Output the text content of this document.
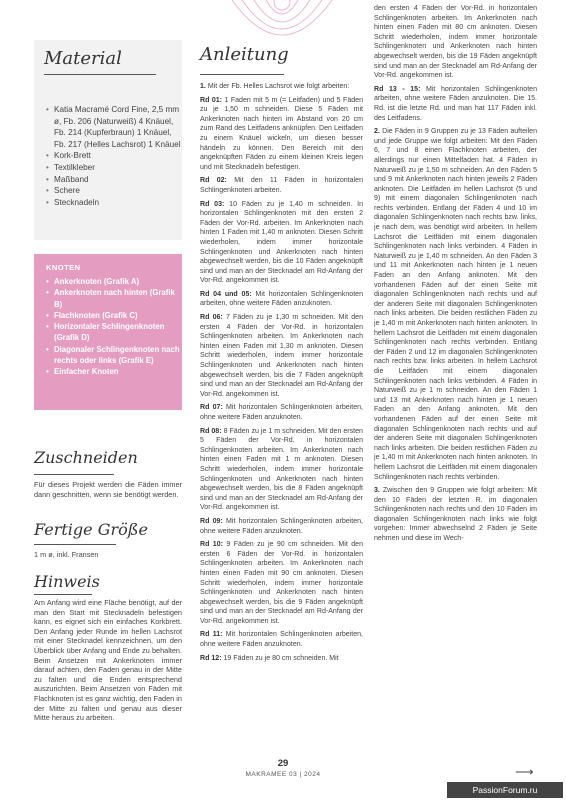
Material
• Katia Macramé Cord Fine, 2,5 mm ø, Fb. 206 (Naturweiß) 4 Knäuel, Fb. 214 (Kupferbraun) 1 Knäuel, Fb. 217 (Helles Lachsrot) 1 Knäuel
• Kork-Brett
• Textilkleber
• Maßband
• Schere
• Stecknadeln
KNOTEN
• Ankerknoten (Grafik A)
• Ankerknoten nach hinten (Grafik B)
• Flachknoten (Grafik C)
• Horizontaler Schlingenknoten (Grafik D)
• Diagonaler Schlingenknoten nach rechts oder links (Grafik E)
• Einfacher Knoten
Zuschneiden
Für dieses Projekt werden die Fäden immer dann geschnitten, wenn sie benötigt werden.
Fertige Größe
1 m ø, inkl. Fransen
Hinweis
Am Anfang wird eine Fläche benötigt, auf der man den Start mit Stecknadeln befestigen kann, es eignet sich ein einfaches Korkbrett. Den Anfang jeder Runde im hellen Lachsrot mit einer Stecknadel kennzeichnen, um den Überblick über Anfang und Ende zu behalten. Beim Ansetzen mit Ankerknoten immer darauf achten, den Faden genau in der Mitte zu falten und die Enden entsprechend auszurichten. Beim Ansetzen von Fäden mit Flachknoten ist es ganz wichtig, den Faden in der Mitte zu falten und genau aus dieser Mitte heraus zu arbeiten.
Anleitung

1. Mit der Fb. Helles Lachsrot wie folgt arbeiten:

Rd 01: 1 Faden mit 5 m (= Leitfaden) und 5 Fäden zu je 1,50 m schneiden. Diese 5 Fäden mit Ankerknoten nach hinten im Abstand von 20 cm zum Rand des Leitfadens anknüpfen. Den Leitfaden zu einem Knäuel wickeln, um diesen besser händeln zu können. Den Bereich mit den angeknüpften Fäden zu einem kleinen Kreis legen und mit Stecknadeln befestigen.

Rd 02: Mit den 11 Fäden in horizontalen Schlingenknoten arbeiten.

Rd 03: 10 Fäden zu je 1,40 m schneiden. In horizontalen Schlingenknoten mit den ersten 2 Fäden der Vor-Rd. arbeiten. Im Ankerknoten nach hinten 1 Faden mit 1,40 m anknoten. Diesen Schritt wiederholen, indem immer horizontale Schlingenknoten und Ankerknoten nach hinten abgewechselt werden, bis die 10 Fäden angeknüpft sind und man an der Stecknadel am Rd-Anfang der Vor-Rd. angekommen ist.

Rd 04 und 05: Mit horizontalen Schlingenknoten arbeiten, ohne weitere Fäden anzuknoten.

Rd 06: 7 Fäden zu je 1,30 m schneiden. Mit den ersten 4 Fäden der Vor-Rd. in horizontalen Schlingenknoten arbeiten. Im Ankerknoten nach hinten einen Faden mit 1,30 m anknoten. Diesen Schritt wiederholen, indem immer horizontale Schlingenknoten und Ankerknoten nach hinten abgewechselt werden, bis die 7 Fäden angeknüpft sind und man an der Stecknadel am Rd-Anfang der Vor-Rd. angekommen ist.

Rd 07: Mit horizontalen Schlingenknoten arbeiten, ohne weitere Fäden anzuknoten.

Rd 08: 8 Fäden zu je 1 m schneiden. Mit den ersten 5 Fäden der Vor-Rd. in horizontalen Schlingenknoten arbeiten. Im Ankerknoten nach hinten einen Faden mit 1 m anknoten. Diesen Schritt wiederholen, indem immer horizontale Schlingenknoten und Ankerknoten nach hinten abgewechselt werden, bis die 8 Fäden angeknüpft sind und man an der Stecknadel am Rd-Anfang der Vor-Rd. angekommen ist.

Rd 09: Mit horizontalen Schlingenknoten arbeiten, ohne weitere Fäden anzuknoten.

Rd 10: 9 Fäden zu je 90 cm schneiden. Mit den ersten 6 Fäden der Vor-Rd. in horizontalen Schlingenknoten arbeiten. Im Ankerknoten nach hinten einen Faden mit 90 cm anknoten. Diesen Schritt wiederholen, indem immer horizontale Schlingenknoten und Ankerknoten nach hinten abgewechselt werden, bis die 9 Fäden angeknüpft sind und man an der Stecknadel am Rd-Anfang der Vor-Rd. angekommen ist.

Rd 11: Mit horizontalen Schlingenknoten arbeiten, ohne weitere Fäden anzuknoten.

Rd 12: 19 Fäden zu je 80 cm schneiden. Mit

den ersten 4 Fäden der Vor-Rd. in horizontalen Schlingenknoten arbeiten. Im Ankerknoten nach hinten einen Faden mit 80 cm anknoten. Diesen Schritt wiederholen, indem immer horizontale Schlingenknoten und Ankerknoten nach hinten abgewechselt werden, bis die 19 Fäden angeknüpft sind und man an der Stecknadel am Rd-Anfang der Vor-Rd. angekommen ist.

Rd 13 - 15: Mit horizontalen Schlingenknoten arbeiten, ohne weitere Fäden anzuknoten. Die 15. Rd. ist die letzte Rd. und man hat 117 Fäden inkl. des Leitfadens.

2. Die Fäden in 9 Gruppen zu je 13 Fäden aufteilen und jede Gruppe wie folgt arbeiten: Mit den Fäden 6, 7 und 8 einen Flachknoten arbeiten, der allerdings nur einen Mittelfaden hat. 4 Fäden in Naturweiß zu je 1,50 m schneiden. An den Fäden 5 und 9 mit Ankerknoten nach hinten jeweils 2 Fäden anknoten. Die Leitfäden im hellen Lachsrot (5 und 9) mit einem diagonalen Schlingenknoten nach rechts verbinden. Entlang der Fäden 4 und 10 im diagonalen Schlingenknoten nach rechts bzw. links, je nach dem, was benötigt wird arbeiten. In hellem Lachsrot die Leitfäden mit einem diagonalen Schlingenknoten nach links verbinden. 4 Fäden in Naturweiß zu je 1,40 m schneiden. An den Fäden 3 und 11 mit Ankerknoten nach hinten je 1 neuen Faden an den Anfang anknoten. Mit den vorhandenen Fäden auf der einen Seite mit diagonalen Schlingenknoten nach rechts und auf der anderen Seite mit diagonalen Schlingenknoten nach links arbeiten. Die beiden restlichen Fäden zu je 1,40 m mit Ankerknoten nach hinten anknoten. In hellem Lachsrot die Leitfäden mit einem diagonalen Schlingenknoten nach rechts verbinden. Entlang der Fäden 2 und 12 im diagonalen Schlingenknoten nach rechts bzw. links arbeiten. In hellem Lachsrot die Leitfäden mit einem diagonalen Schlingenknoten nach links verbinden. 4 Fäden in Naturweiß zu je 1 m schneiden. An den Fäden 1 und 13 mit Ankerknoten nach hinten je 1 neuen Faden an den Anfang anknoten. Mit den vorhandenen Fäden auf der einen Seite mit diagonalen Schlingenknoten nach rechts und auf der anderen Seite mit diagonalen Schlingenknoten nach links arbeiten. Die beiden restlichen Fäden zu je 1,40 m mit Ankerknoten nach hinten anknoten. In hellem Lachsrot die Leitfäden mit einem diagonalen Schlingenknoten nach rechts verbinden.

3. Zwischen den 9 Gruppen wie folgt arbeiten: Mit den 10 Fäden der letzten R. im diagonalen Schlingenknoten nach rechts und den 10 Fäden im diagonalen Schlingenknoten nach links wie folgt vorgehen: Immer abwechselnd 2 Fäden je Seite nehmen und diese im Wech-

29
MAKRAMEE 03 | 2024	⟶
PassionForum.ru
